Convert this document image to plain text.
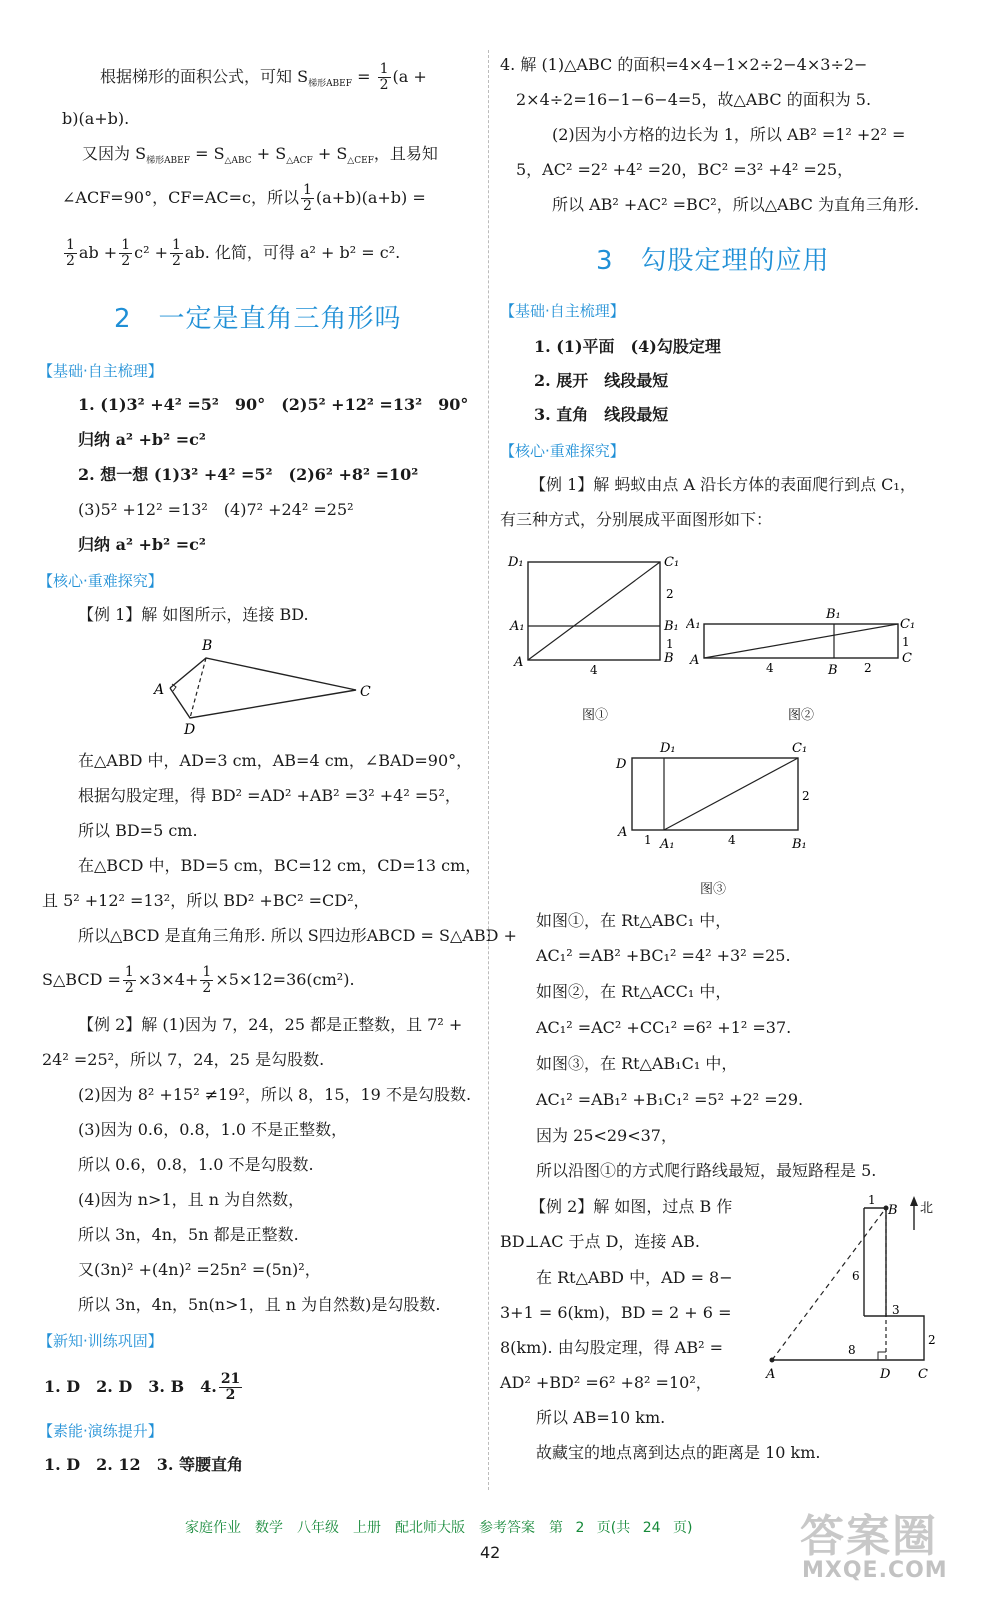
根据梯形的面积公式，可知 $S_{梯形ABEF} = \frac{1}{2} (a$ +
b)(a+b).
又因为 $S_{梯形ABEF} = S_{\triangle ABC} + S_{\triangle ACF} + S_{\triangle CEF}$，且易知
∠ACF=90°，CF=AC=c，所以 $\frac{1}{2} (a+b)(a+b)$ =
$\frac{1}{2}$ ab + $\frac{1}{2} c^2 + \frac{1}{2}$ ab. 化简，可得 a² + b² = c².
2　一定是直角三角形吗
【基础·自主梳理】
1. (1)3² +4² =5²　90°　(2)5² +12² =13²　90°
归纳 a² +b² =c²
2. 想一想 (1)3² +4² =5²　(2)6² +8² =10²
(3)5² +12² =13²　(4)7² +24² =25²
归纳 a² +b² =c²
【核心·重难探究】
【例 1】解 如图所示，连接 BD.
B
A	C
D
在△ABD 中，AD=3 cm，AB=4 cm，∠BAD=90°，
根据勾股定理，得 BD² =AD² +AB² =3² +4² =5²，
所以 BD=5 cm.
在△BCD 中，BD=5 cm，BC=12 cm，CD=13 cm，
且 5² +12² =13²，所以 BD² +BC² =CD²，
所以△BCD 是直角三角形. 所以 S四边形ABCD = S△ABD +
S△BCD = $\frac{1}{2} \times 3\times 4+ \frac{1}{2} \times 5\times 12=36(cm^2)$.
【例 2】解 (1)因为 7，24，25 都是正整数，且 7² +
24² =25²，所以 7，24，25 是勾股数.
(2)因为 8² +15² ≠19²，所以 8，15，19 不是勾股数.
(3)因为 0.6，0.8，1.0 不是正整数，
所以 0.6，0.8，1.0 不是勾股数.
(4)因为 n>1，且 n 为自然数，
所以 3n，4n，5n 都是正整数.
又(3n)² +(4n)² =25n² =(5n)²，
所以 3n，4n，5n(n>1，且 n 为自然数)是勾股数.
【新知·训练巩固】
1. D　2. D　3. B　4. $\frac{21}{2}$
【素能·演练提升】
1. D　2. 12　3. 等腰直角
4. 解 (1)△ABC 的面积=4×4−1×2÷2−4×3÷2−
2×4÷2=16−1−6−4=5，故△ABC 的面积为 5.
(2)因为小方格的边长为 1，所以 AB² =1² +2² =
5，AC² =2² +4² =20，BC² =3² +4² =25，
所以 AB² +AC² =BC²，所以△ABC 为直角三角形.
3　勾股定理的应用
【基础·自主梳理】
1. (1)平面　(4)勾股定理
2. 展开　线段最短
3. 直角　线段最短
【核心·重难探究】
【例 1】解 蚂蚁由点 A 沿长方体的表面爬行到点 C₁，
有三种方式，分别展成平面图形如下：
D₁	C₁
A₁	B₁
A	B
2
1
4
图①
A₁
B₁
C₁
A
B
C
1
4	2
图②
D₁	C₁
D
A
A₁	B₁
2
1	4
图③
如图①，在 Rt△ABC₁ 中，
AC₁² =AB² +BC₁² =4² +3² =25.
如图②，在 Rt△ACC₁ 中，
AC₁² =AC² +CC₁² =6² +1² =37.
如图③，在 Rt△AB₁C₁ 中，
AC₁² =AB₁² +B₁C₁² =5² +2² =29.
因为 25<29<37，
所以沿图①的方式爬行路线最短，最短路程是 5.
【例 2】解 如图，过点 B 作
BD⊥AC 于点 D，连接 AB.
在 Rt△ABD 中，AD = 8−
3+1 = 6(km)，BD = 2 + 6 =
8(km). 由勾股定理，得 AB² =
AD² +BD² =6² +8² =10²，
所以 AB=10 km.
故藏宝的地点离到达点的距离是 10 km.
北
1
B
6
3
2
8
A	D C
家庭作业　数学　八年级　上册　配北师大版　参考答案　第 2 页(共 24 页)
42	答案圈
MXQE.COM
